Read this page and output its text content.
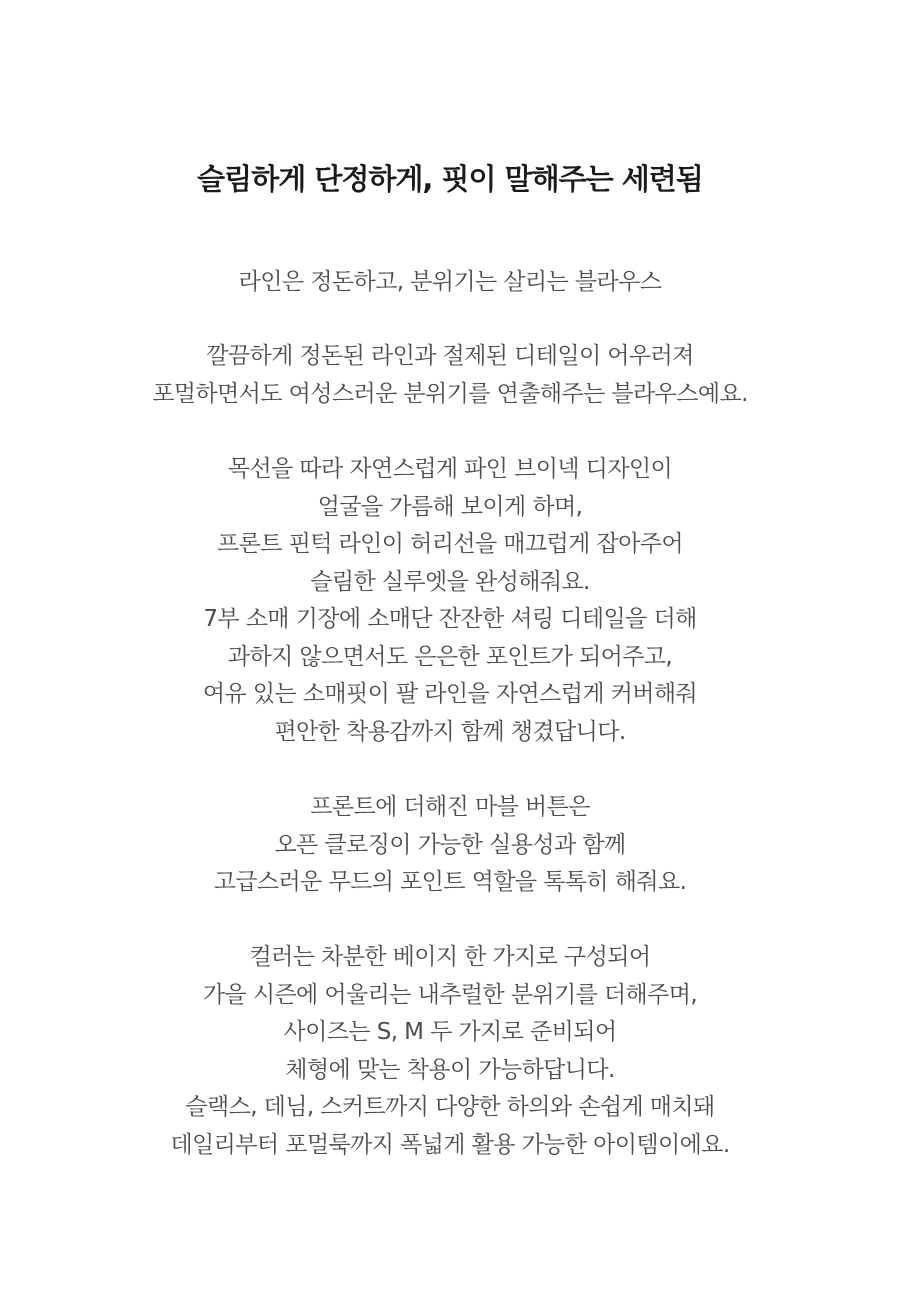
슬림하게 단정하게, 핏이 말해주는 세련됨
라인은 정돈하고, 분위기는 살리는 블라우스
깔끔하게 정돈된 라인과 절제된 디테일이 어우러져
포멀하면서도 여성스러운 분위기를 연출해주는 블라우스예요.
목선을 따라 자연스럽게 파인 브이넥 디자인이
얼굴을 가름해 보이게 하며,
프론트 핀턱 라인이 허리선을 매끄럽게 잡아주어
슬림한 실루엣을 완성해줘요.
7부 소매 기장에 소매단 잔잔한 셔링 디테일을 더해
과하지 않으면서도 은은한 포인트가 되어주고,
여유 있는 소매핏이 팔 라인을 자연스럽게 커버해줘
편안한 착용감까지 함께 챙겼답니다.
프론트에 더해진 마블 버튼은
오픈 클로징이 가능한 실용성과 함께
고급스러운 무드의 포인트 역할을 톡톡히 해줘요.
컬러는 차분한 베이지 한 가지로 구성되어
가을 시즌에 어울리는 내추럴한 분위기를 더해주며,
사이즈는 S, M 두 가지로 준비되어
체형에 맞는 착용이 가능하답니다.
슬랙스, 데님, 스커트까지 다양한 하의와 손쉽게 매치돼
데일리부터 포멀룩까지 폭넓게 활용 가능한 아이템이에요.
